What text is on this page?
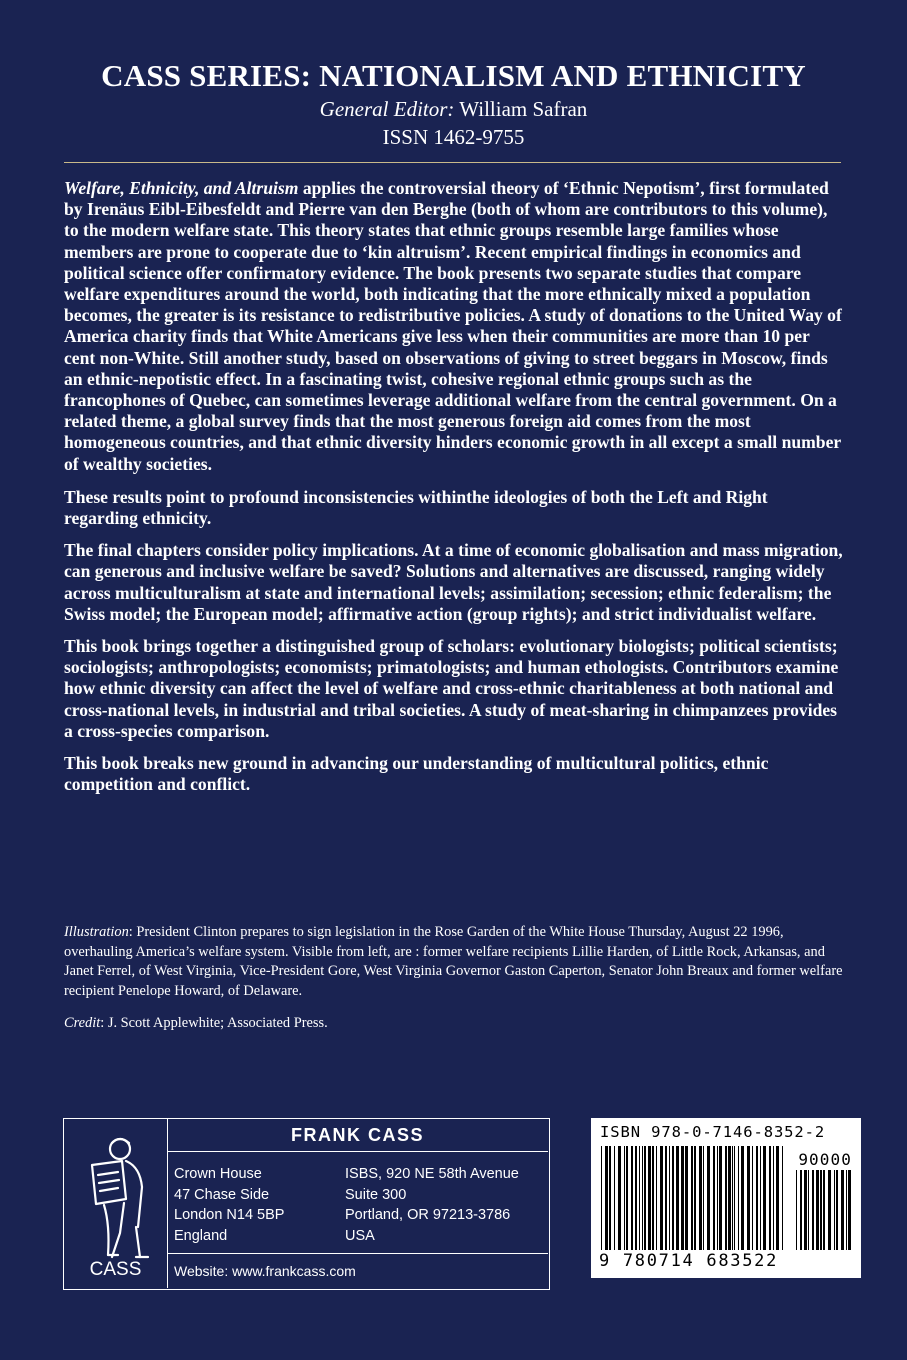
CASS SERIES: NATIONALISM AND ETHNICITY
General Editor: William Safran
ISSN 1462-9755

Welfare, Ethnicity, and Altruism applies the controversial theory of ‘Ethnic Nepotism’, first formulated by Irenäus Eibl-Eibesfeldt and Pierre van den Berghe (both of whom are contributors to this volume), to the modern welfare state. This theory states that ethnic groups resemble large families whose members are prone to cooperate due to ‘kin altruism’. Recent empirical findings in economics and political science offer confirmatory evidence. The book presents two separate studies that compare welfare expenditures around the world, both indicating that the more ethnically mixed a population becomes, the greater is its resistance to redistributive policies. A study of donations to the United Way of America charity finds that White Americans give less when their communities are more than 10 per cent non-White. Still another study, based on observations of giving to street beggars in Moscow, finds an ethnic-nepotistic effect. In a fascinating twist, cohesive regional ethnic groups such as the francophones of Quebec, can sometimes leverage additional welfare from the central government. On a related theme, a global survey finds that the most generous foreign aid comes from the most homogeneous countries, and that ethnic diversity hinders economic growth in all except a small number of wealthy societies.

These results point to profound inconsistencies withinthe ideologies of both the Left and Right regarding ethnicity.

The final chapters consider policy implications. At a time of economic globalisation and mass migration, can generous and inclusive welfare be saved? Solutions and alternatives are discussed, ranging widely across multiculturalism at state and international levels; assimilation; secession; ethnic federalism; the Swiss model; the European model; affirmative action (group rights); and strict individualist welfare.

This book brings together a distinguished group of scholars: evolutionary biologists; political scientists; sociologists; anthropologists; economists; primatologists; and human ethologists. Contributors examine how ethnic diversity can affect the level of welfare and cross-ethnic charitableness at both national and cross-national levels, in industrial and tribal societies. A study of meat-sharing in chimpanzees provides a cross-species comparison.

This book breaks new ground in advancing our understanding of multicultural politics, ethnic competition and conflict.

Illustration: President Clinton prepares to sign legislation in the Rose Garden of the White House Thursday, August 22 1996, overhauling America’s welfare system. Visible from left, are : former welfare recipients Lillie Harden, of Little Rock, Arkansas, and Janet Ferrel, of West Virginia, Vice-President Gore, West Virginia Governor Gaston Caperton, Senator John Breaux and former welfare recipient Penelope Howard, of Delaware.

Credit: J. Scott Applewhite; Associated Press.

CASS
FRANK CASS
Crown House
47 Chase Side
London N14 5BP
England
ISBS, 920 NE 58th Avenue
Suite 300
Portland, OR 97213-3786
USA
Website: www.frankcass.com
ISBN 978-0-7146-8352-2
90000
9 780714 683522
